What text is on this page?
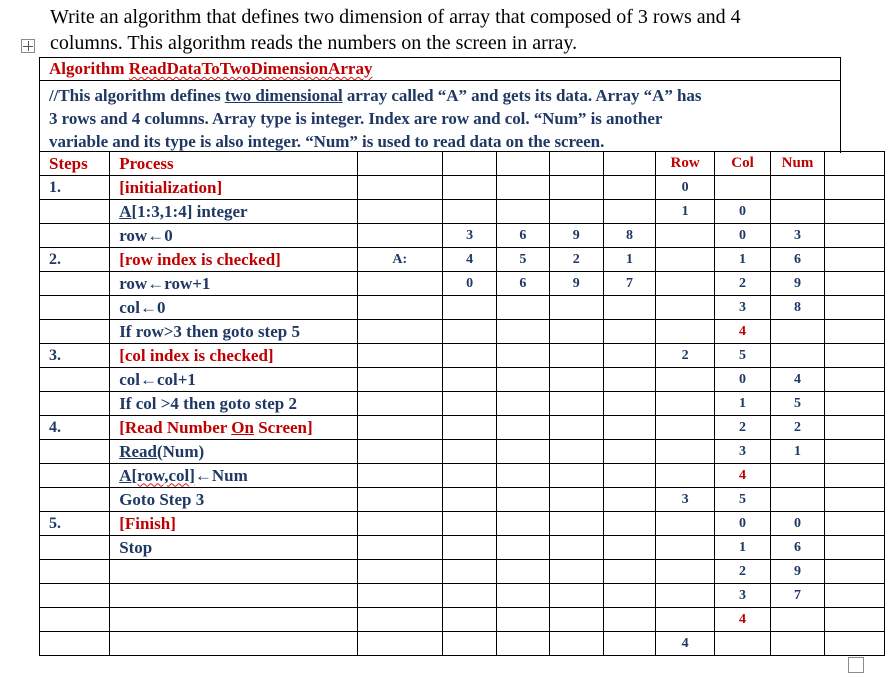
Write an algorithm that defines two dimension of array that composed of 3 rows and 4
columns. This algorithm reads the numbers on the screen in array.
Algorithm ReadDataToTwoDimensionArray
//This algorithm defines two dimensional array called “A” and gets its data. Array “A” has
3 rows and 4 columns. Array type is integer. Index are row and col. “Num” is another
variable and its type is also integer. “Num” is used to read data on the screen.
Steps	Process						Row	Col	Num	
1.	[initialization]						0			
	A[1:3,1:4] integer						1	0		
	row←0		3	6	9	8		0	3	
2.	[row index is checked]	A:	4	5	2	1		1	6	
	row←row+1		0	6	9	7		2	9	
	col←0							3	8	
	If row>3 then goto step 5							4		
3.	[col index is checked]						2	5		
	col←col+1							0	4	
	If col >4 then goto step 2							1	5	
4.	[Read Number On Screen]							2	2	
	Read(Num)							3	1	
	A[row,col]←Num							4		
	Goto Step 3						3	5		
5.	[Finish]							0	0	
	Stop							1	6	
								2	9	
								3	7	
								4		
							4			
